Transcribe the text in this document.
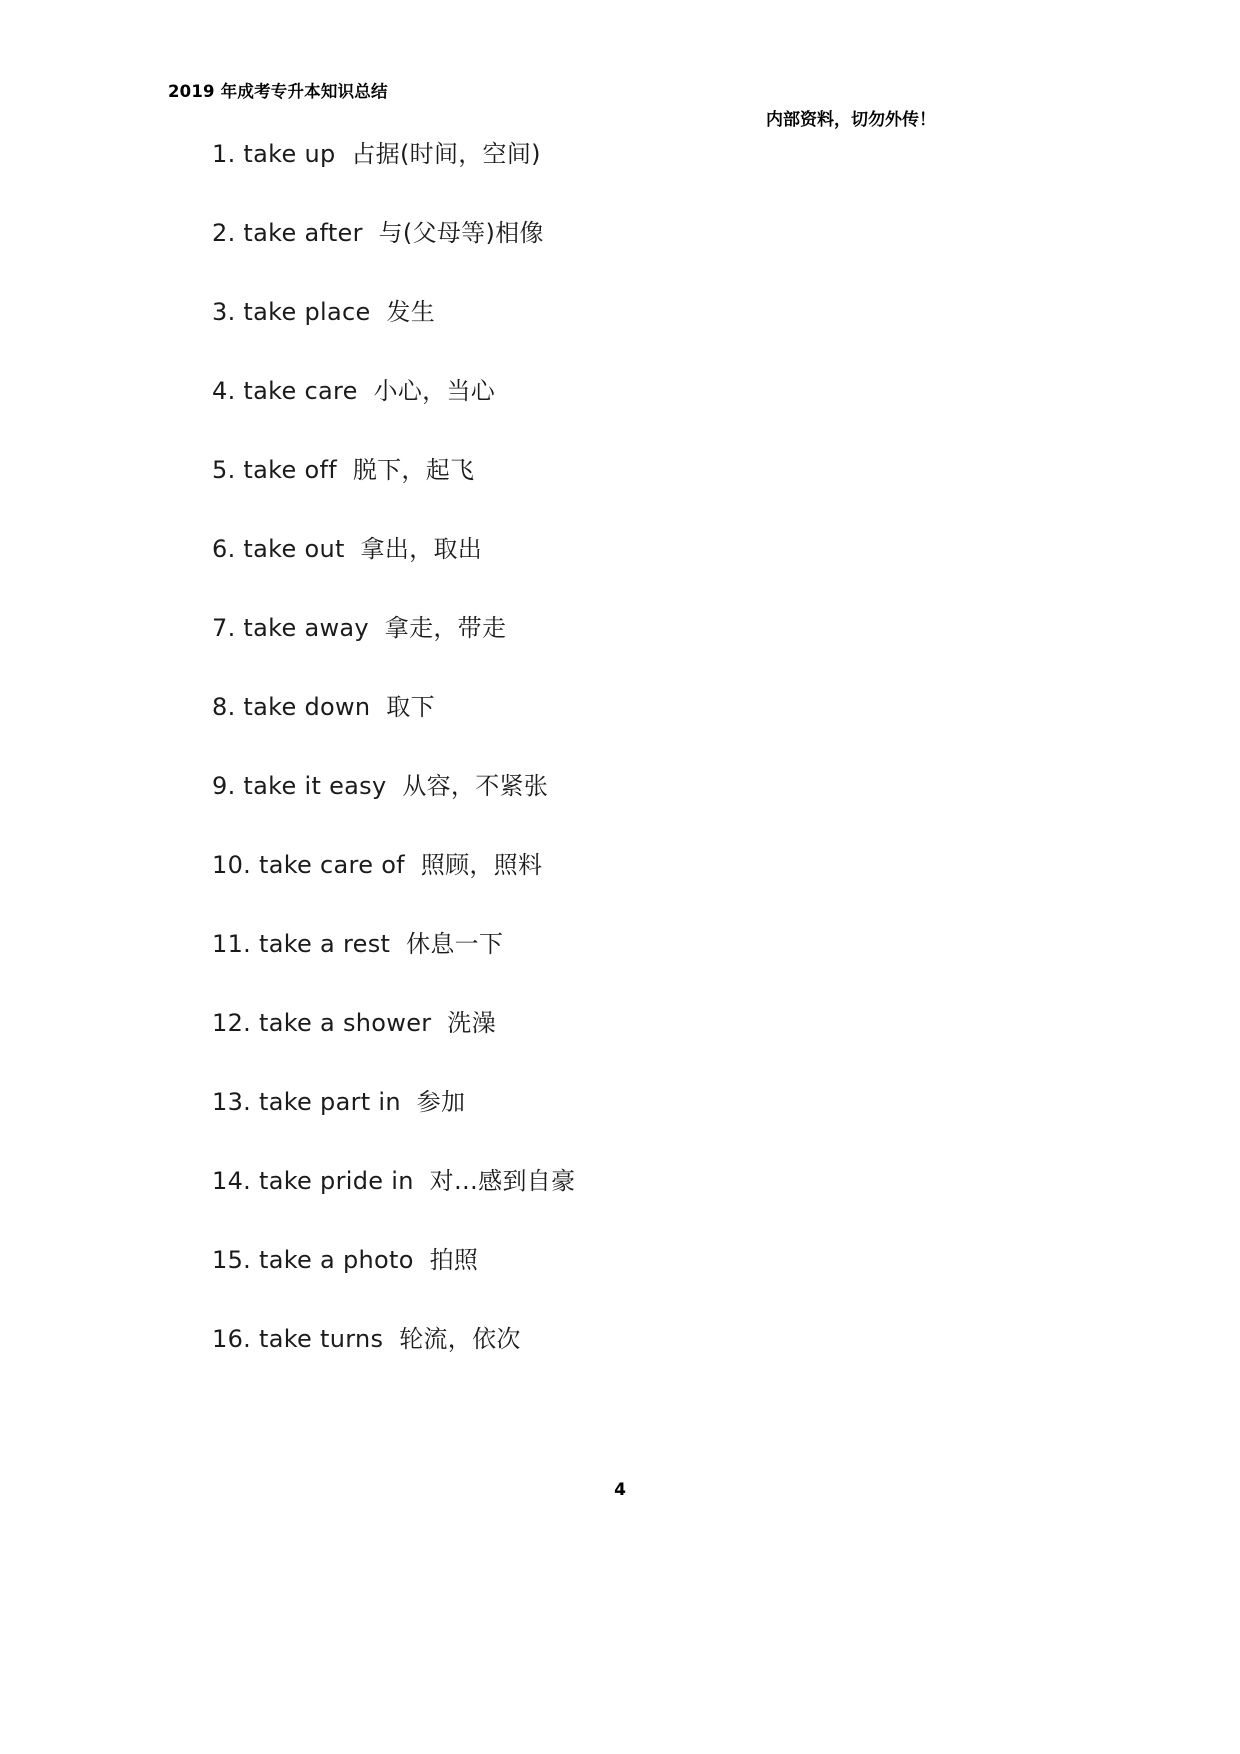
2019 年成考专升本知识总结
内部资料，切勿外传！
1. take up  占据(时间，空间)
2. take after  与(父母等)相像
3. take place  发生
4. take care  小心，当心
5. take off  脱下，起飞
6. take out  拿出，取出
7. take away  拿走，带走
8. take down  取下
9. take it easy  从容，不紧张
10. take care of  照顾，照料
11. take a rest  休息一下
12. take a shower  洗澡
13. take part in  参加
14. take pride in  对…感到自豪
15. take a photo  拍照
16. take turns  轮流，依次
4
